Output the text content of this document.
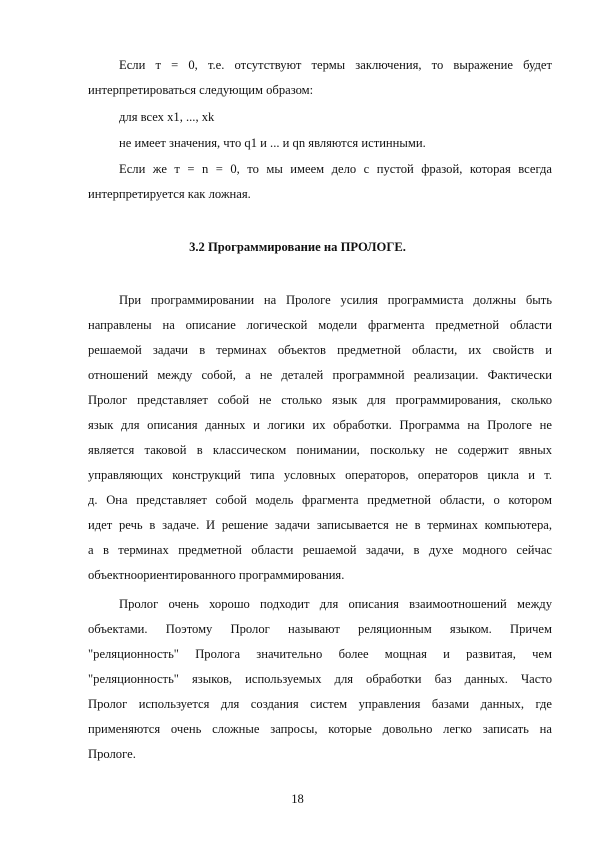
Если т = 0, т.е. отсутствуют термы заключения, то выражение будет
интерпретироваться следующим образом:
для всех x1, ..., xk
не имеет значения, что q1 и ... и qn являются истинными.
Если же т = n = 0, то мы имеем дело с пустой фразой, которая всегда
интерпретируется как ложная.
3.2 Программирование на ПРОЛОГЕ.
При программировании на Прологе усилия программиста должны быть
направлены на описание логической модели фрагмента предметной области
решаемой задачи в терминах объектов предметной области, их свойств и
отношений между собой, а не деталей программной реализации. Фактически
Пролог представляет собой не столько язык для программирования, сколько
язык для описания данных и логики их обработки. Программа на Прологе не
является таковой в классическом понимании, поскольку не содержит явных
управляющих конструкций типа условных операторов, операторов цикла и т.
д. Она представляет собой модель фрагмента предметной области, о котором
идет речь в задаче. И решение задачи записывается не в терминах компьютера,
а в терминах предметной области решаемой задачи, в духе модного сейчас
объектноориентированного программирования.
Пролог очень хорошо подходит для описания взаимоотношений между
объектами. Поэтому Пролог называют реляционным языком. Причем
"реляционность" Пролога значительно более мощная и развитая, чем
"реляционность" языков, используемых для обработки баз данных. Часто
Пролог используется для создания систем управления базами данных, где
применяются очень сложные запросы, которые довольно легко записать на
Прологе.
18
